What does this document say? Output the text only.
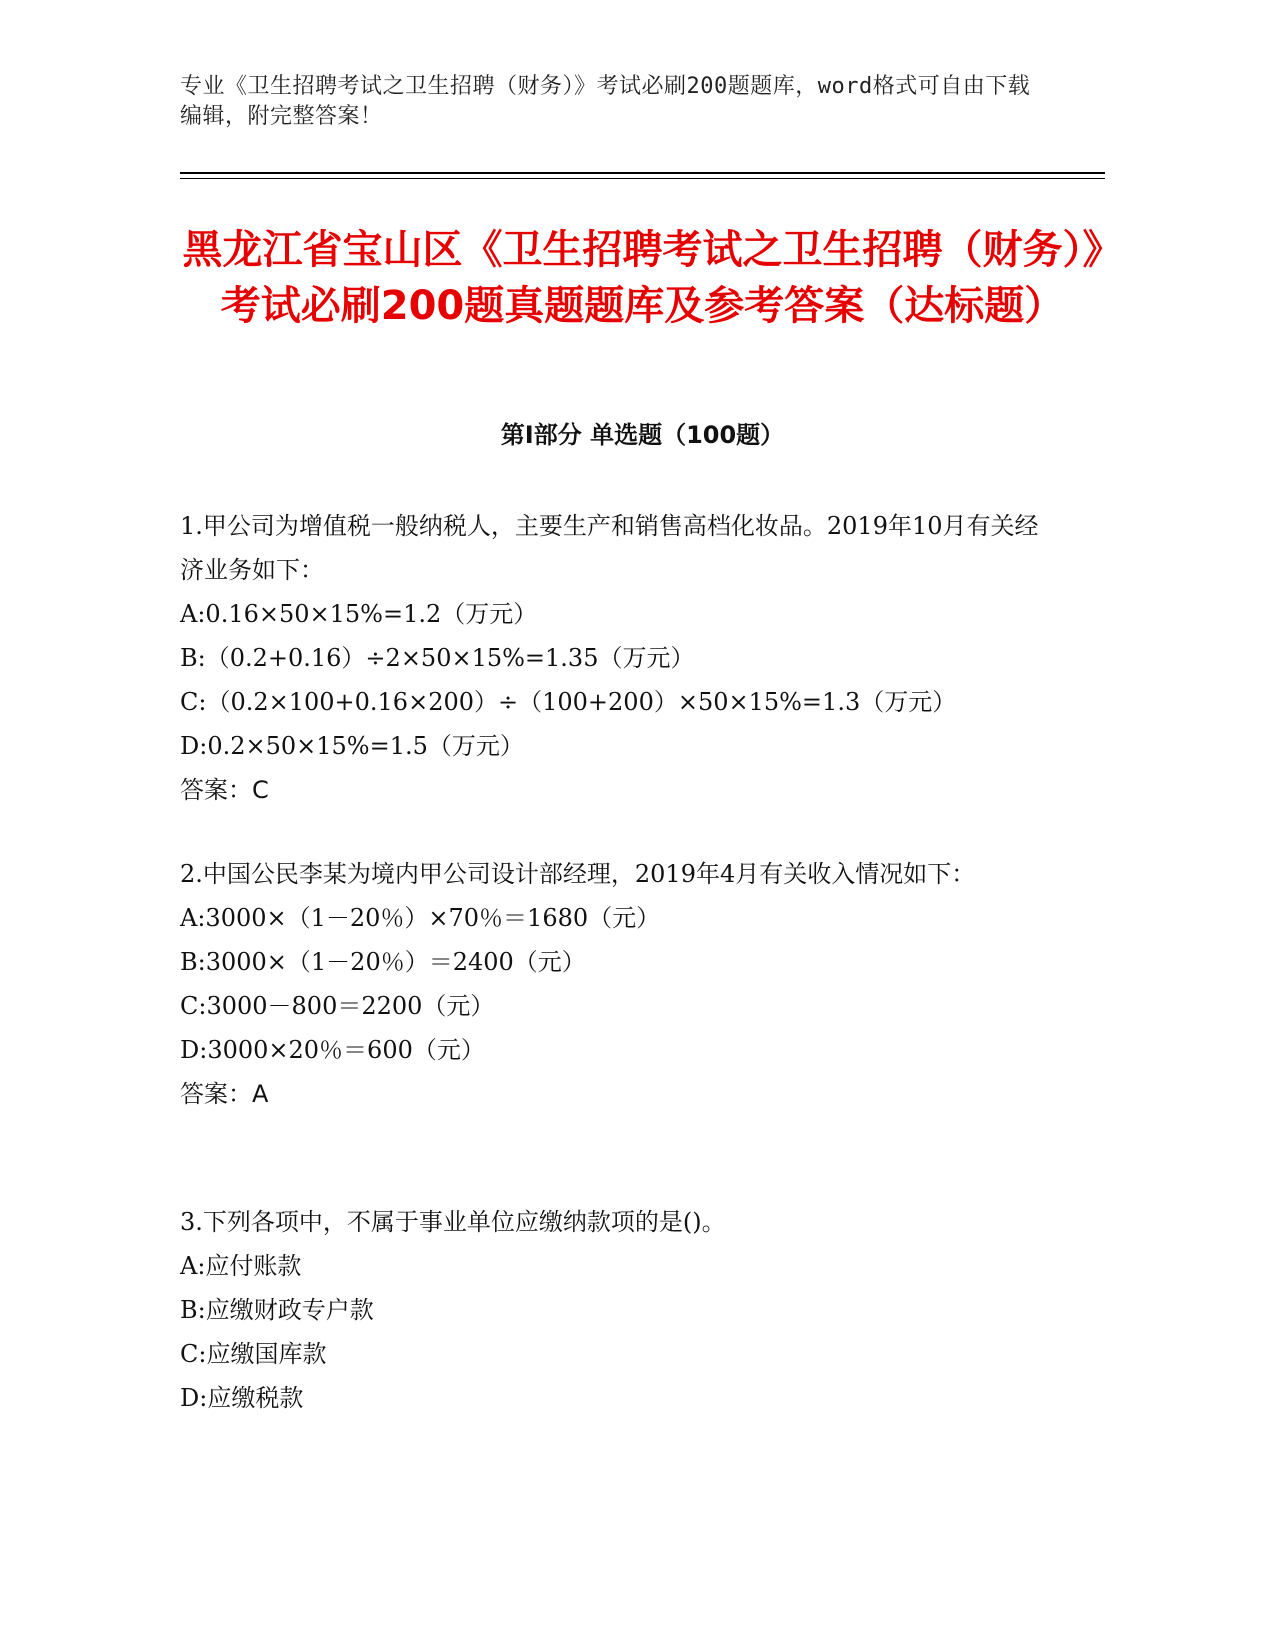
专业《卫生招聘考试之卫生招聘（财务）》考试必刷200题题库，word格式可自由下载编辑，附完整答案！
黑龙江省宝山区《卫生招聘考试之卫生招聘（财务）》考试必刷200题真题题库及参考答案（达标题）
第Ⅰ部分 单选题（100题）

1.甲公司为增值税一般纳税人，主要生产和销售高档化妆品。2019年10月有关经济业务如下：

A:0.16×50×15%=1.2（万元）

B:（0.2+0.16）÷2×50×15%=1.35（万元）

C:（0.2×100+0.16×200）÷（100+200）×50×15%=1.3（万元）

D:0.2×50×15%=1.5（万元）

答案：C

2.中国公民李某为境内甲公司设计部经理，2019年4月有关收入情况如下：

A:3000×（1－20％）×70％＝1680（元）

B:3000×（1－20％）＝2400（元）

C:3000－800＝2200（元）

D:3000×20％＝600（元）

答案：A

3.下列各项中，不属于事业单位应缴纳款项的是()。

A:应付账款

B:应缴财政专户款

C:应缴国库款

D:应缴税款
